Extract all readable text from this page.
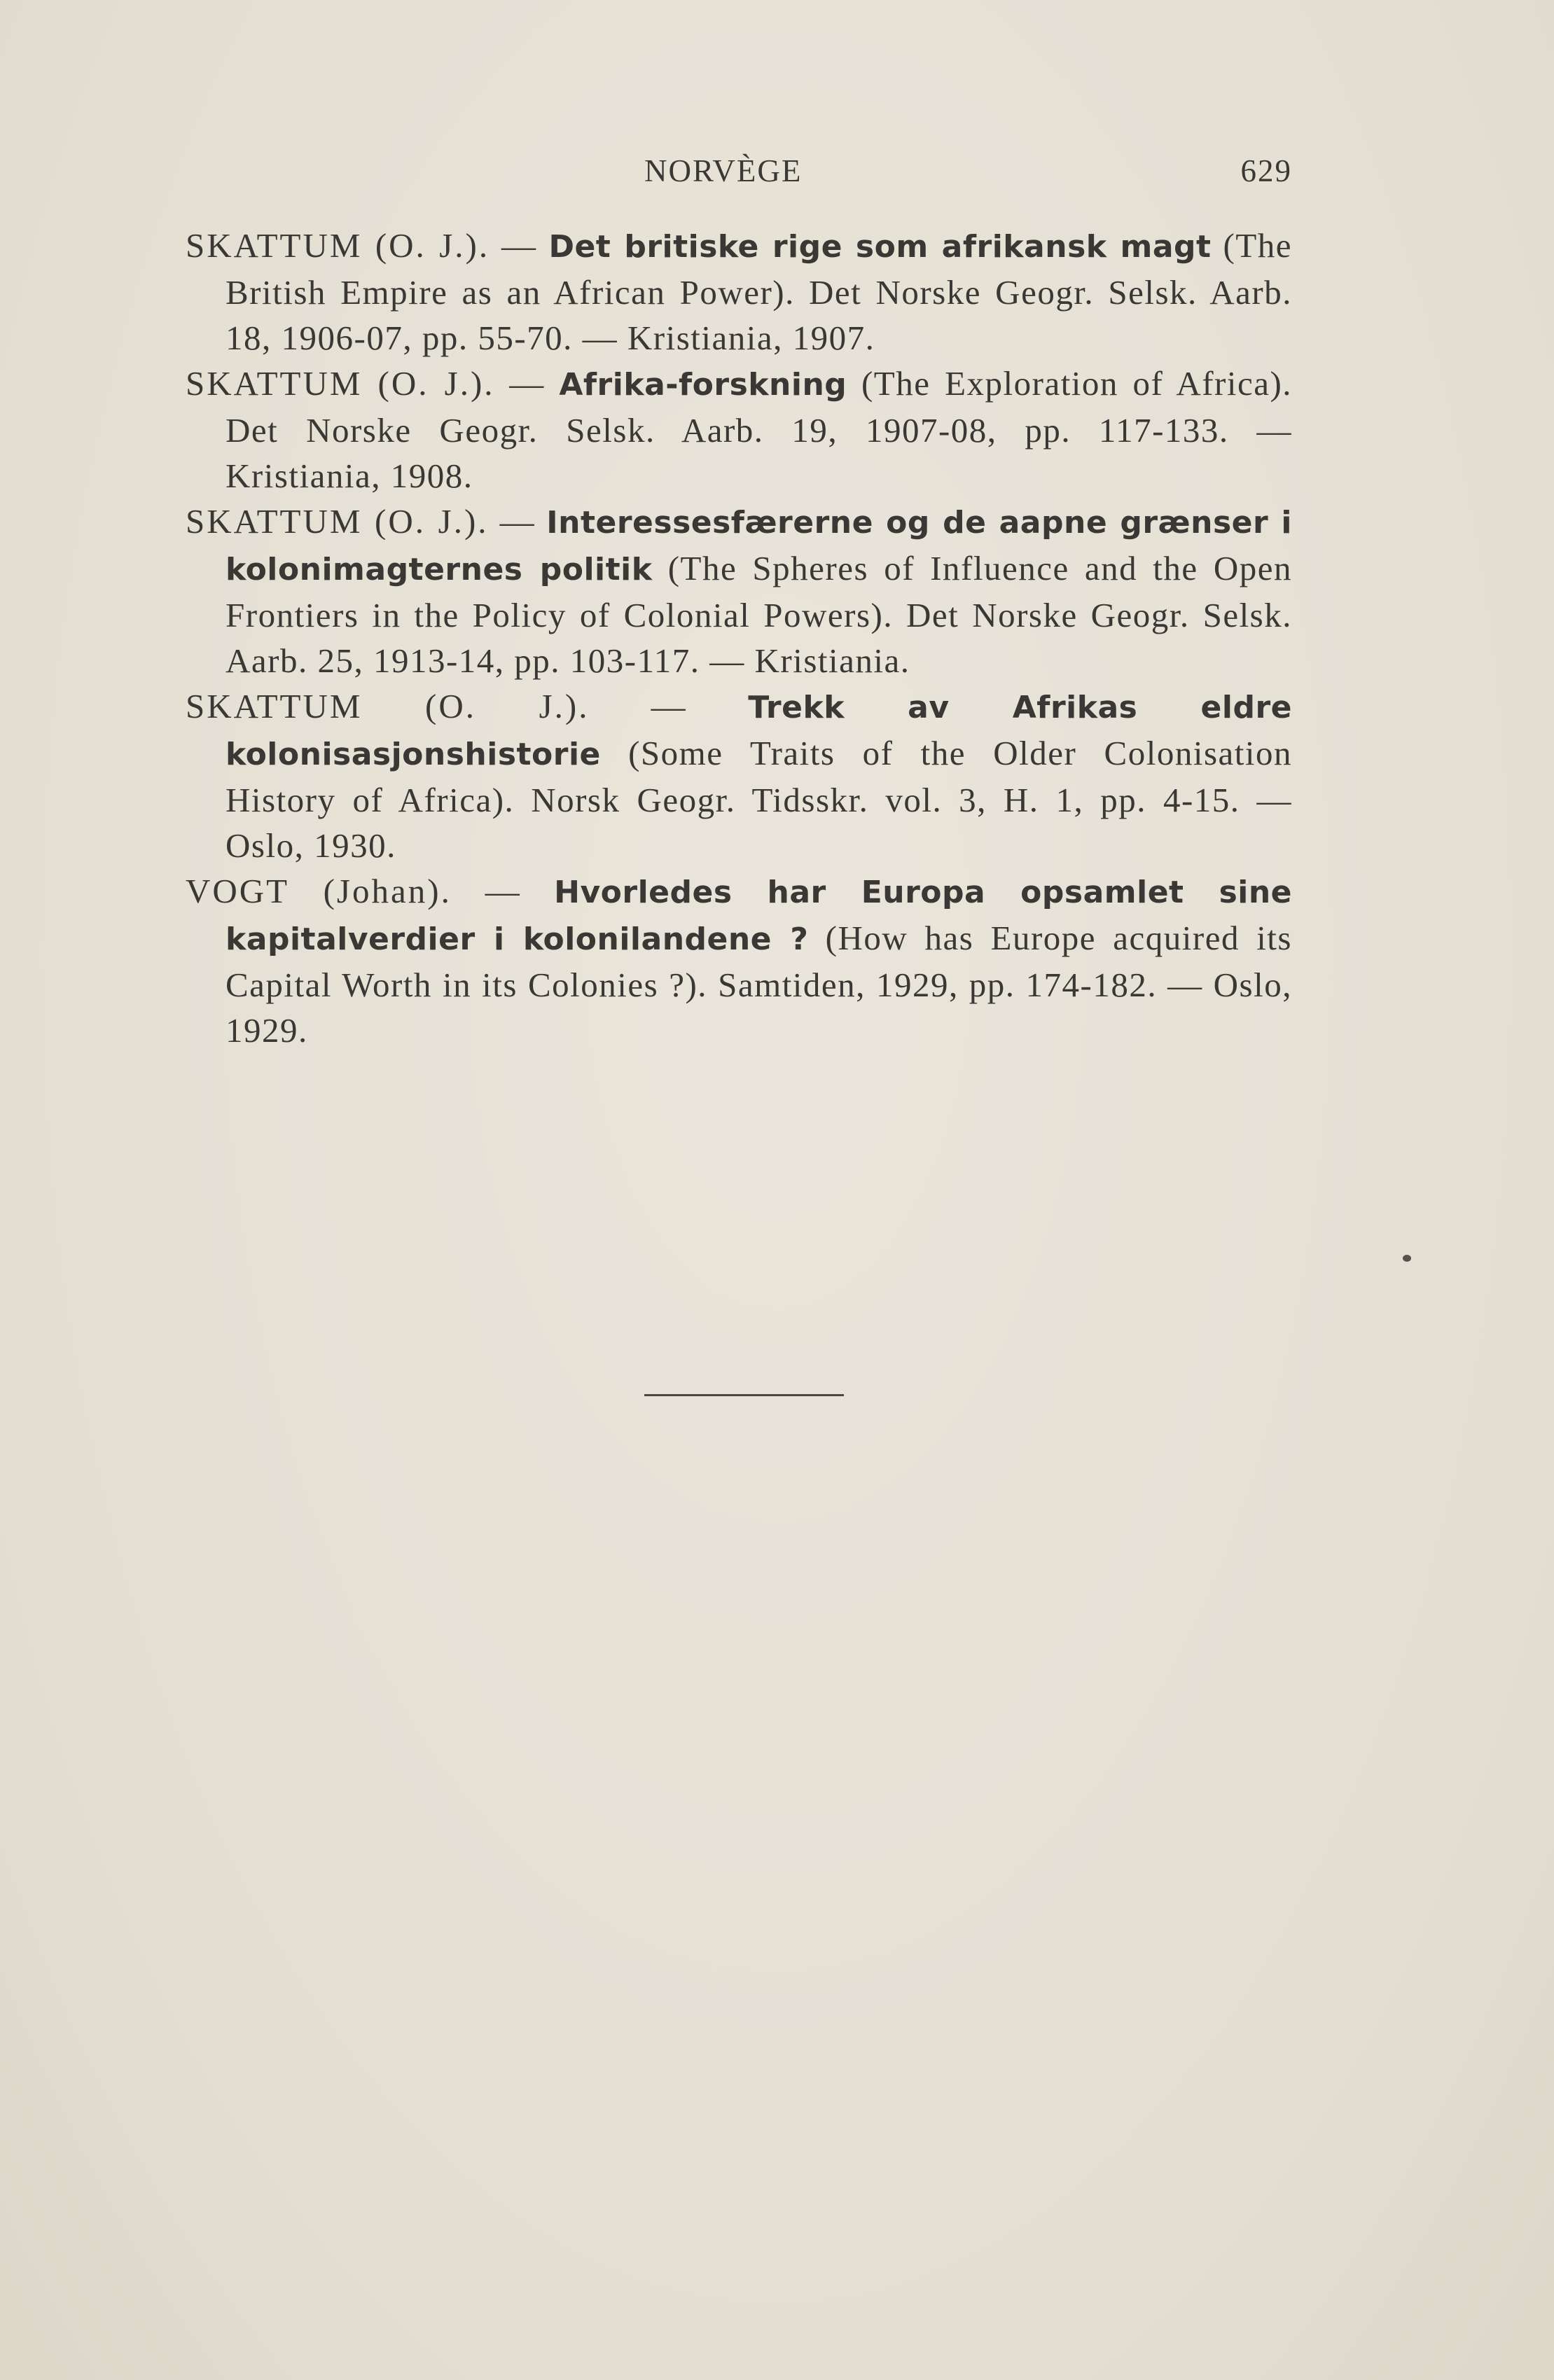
NORVÈGE	629
SKATTUM (O. J.). — Det britiske rige som afrikansk magt (The British Empire as an African Power). Det Norske Geogr. Selsk. Aarb. 18, 1906-07, pp. 55-70. — Kristiania, 1907.
SKATTUM (O. J.). — Afrika-forskning (The Exploration of Africa). Det Norske Geogr. Selsk. Aarb. 19, 1907-08, pp. 117-133. — Kristiania, 1908.
SKATTUM (O. J.). — Interessesfærerne og de aapne grænser i kolonimagternes politik (The Spheres of Influence and the Open Frontiers in the Policy of Colonial Powers). Det Norske Geogr. Selsk. Aarb. 25, 1913-14, pp. 103-117. — Kristiania.
SKATTUM (O. J.). — Trekk av Afrikas eldre kolonisasjonshistorie (Some Traits of the Older Colonisation History of Africa). Norsk Geogr. Tidsskr. vol. 3, H. 1, pp. 4-15. — Oslo, 1930.
VOGT (Johan). — Hvorledes har Europa opsamlet sine kapitalverdier i kolonilandene ? (How has Europe acquired its Capital Worth in its Colonies ?). Samtiden, 1929, pp. 174-182. — Oslo, 1929.
